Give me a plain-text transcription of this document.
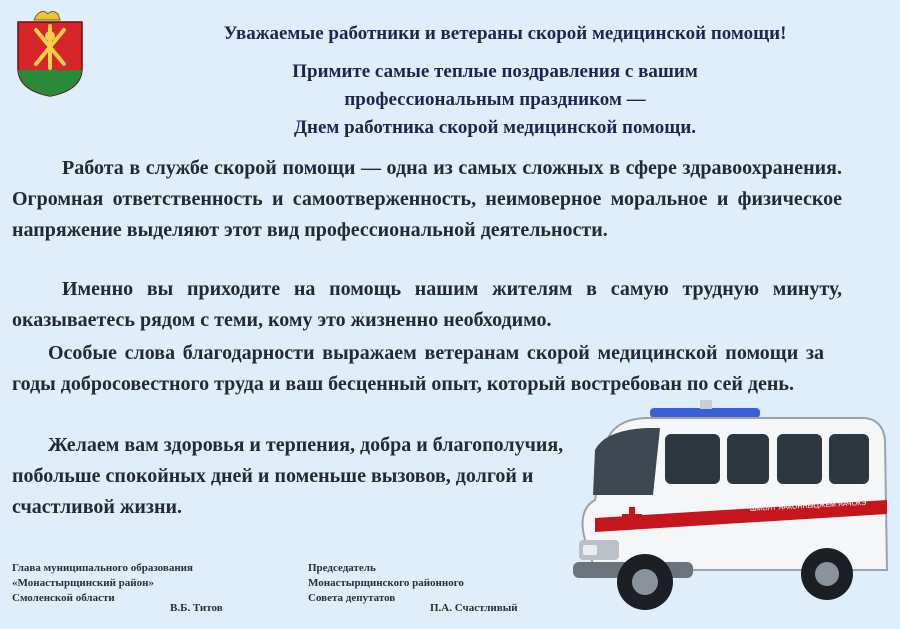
Уважаемые работники и ветераны скорой медицинской помощи!
Примите самые теплые поздравления с вашим
профессиональным праздником —
Днем работника скорой медицинской помощи.
Работа в службе скорой помощи — одна из самых сложных в сфере здравоохранения. Огромная ответственность и самоотверженность, неимоверное моральное и физическое напряжение выделяют этот вид профессиональной деятельности.
Именно вы приходите на помощь нашим жителям в самую трудную минуту, оказываетесь рядом с теми, кому это жизненно необходимо.
Особые слова благодарности выражаем ветеранам скорой медицинской помощи за годы добросовестного труда и ваш бесценный опыт, который востребован по сей день.
Желаем вам здоровья и терпения, добра и благополучия, побольше спокойных дней и поменьше вызовов, долгой и счастливой жизни.
Глава муниципального образования
«Монастырщинский район»
Смоленской области
В.Б. Титов
Председатель
Монастырщинского районного
Совета депутатов
П.А. Счастливый
ШМОЛТ ЯАКОННЫЦЖЕМ ЯАЧОКЭ
